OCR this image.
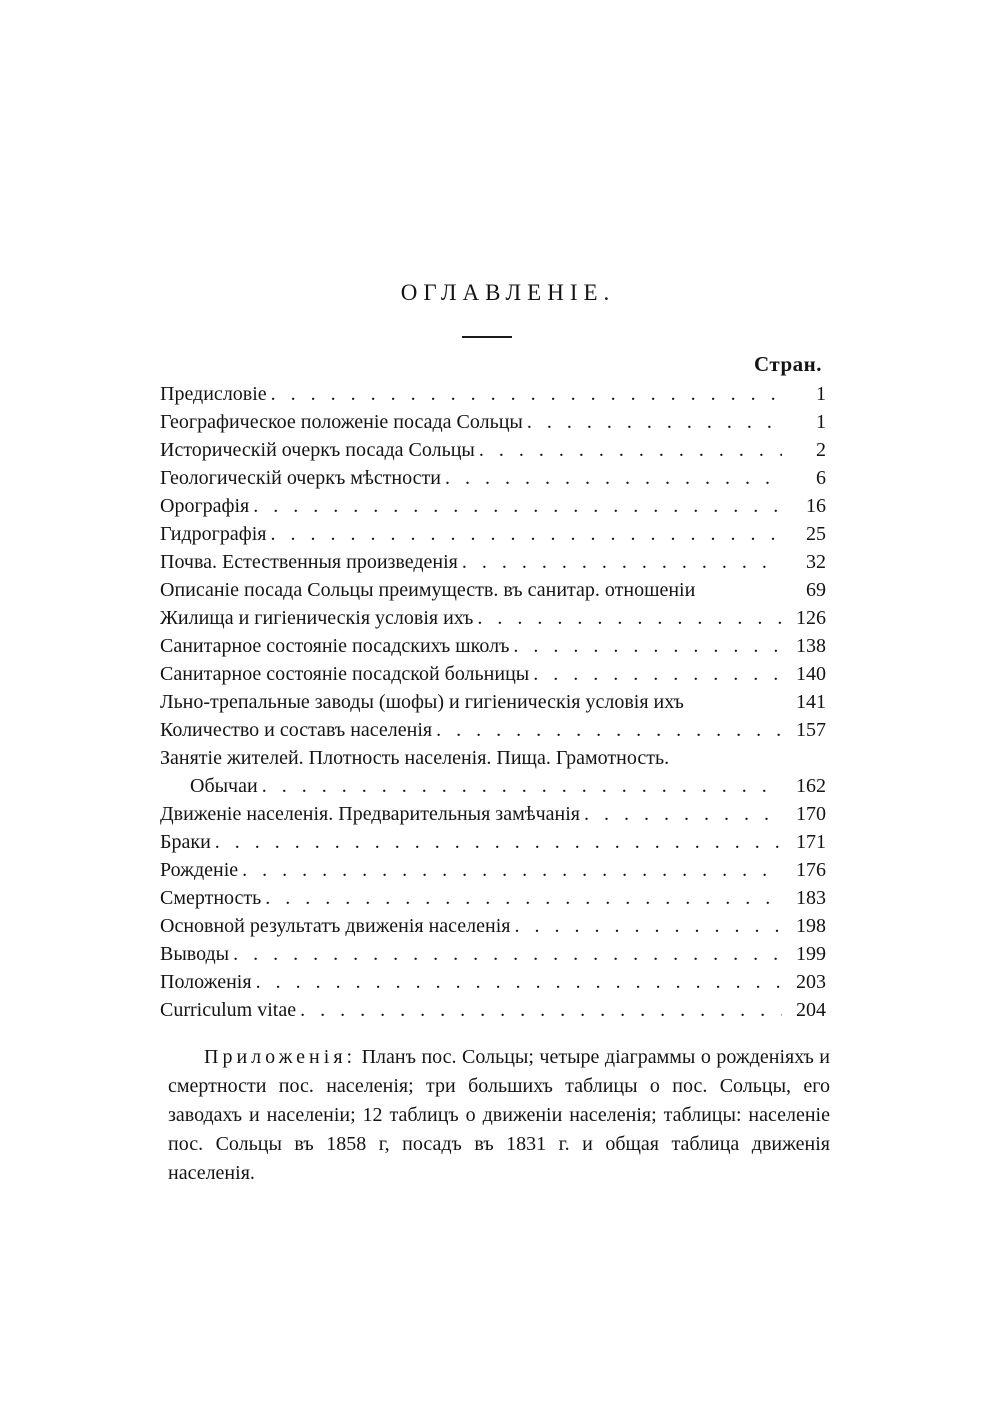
ОГЛАВЛЕНІЕ.
Стран.
Предисловіе . . .	1
Географическое положеніе посада Сольцы . . .	1
Историческій очеркъ посада Сольцы . . .	2
Геологическій очеркъ мѣстности . . .	6
Орографія . . .	16
Гидрографія . . .	25
Почва. Естественныя произведенія . . .	32
Описаніе посада Сольцы преимуществ. въ санитар. отношеніи	69
Жилища и гигіеническія условія ихъ . . .	126
Санитарное состояніе посадскихъ школъ . . .	138
Санитарное состояніе посадской больницы . . .	140
Льно-трепальные заводы (шофы) и гигіеническія условія ихъ	141
Количество и составъ населенія . . .	157
Занятіе жителей. Плотность населенія. Пища. Грамотность.
Обычаи . . .	162
Движеніе населенія. Предварительныя замѣчанія . . .	170
Браки . . .	171
Рожденіе . . .	176
Смертность . . .	183
Основной результатъ движенія населенія . . .	198
Выводы . . .	199
Положенія . . .	203
Curriculum vitae . . .	204
Приложенія: Планъ пос. Сольцы; четыре діаграммы о рожденіяхъ и смертности пос. населенія; три большихъ таблицы о пос. Сольцы, его заводахъ и населеніи; 12 таблицъ о движеніи населенія; таблицы: населеніе пос. Сольцы въ 1858 г, посадъ въ 1831 г. и общая таблица движенія населенія.
